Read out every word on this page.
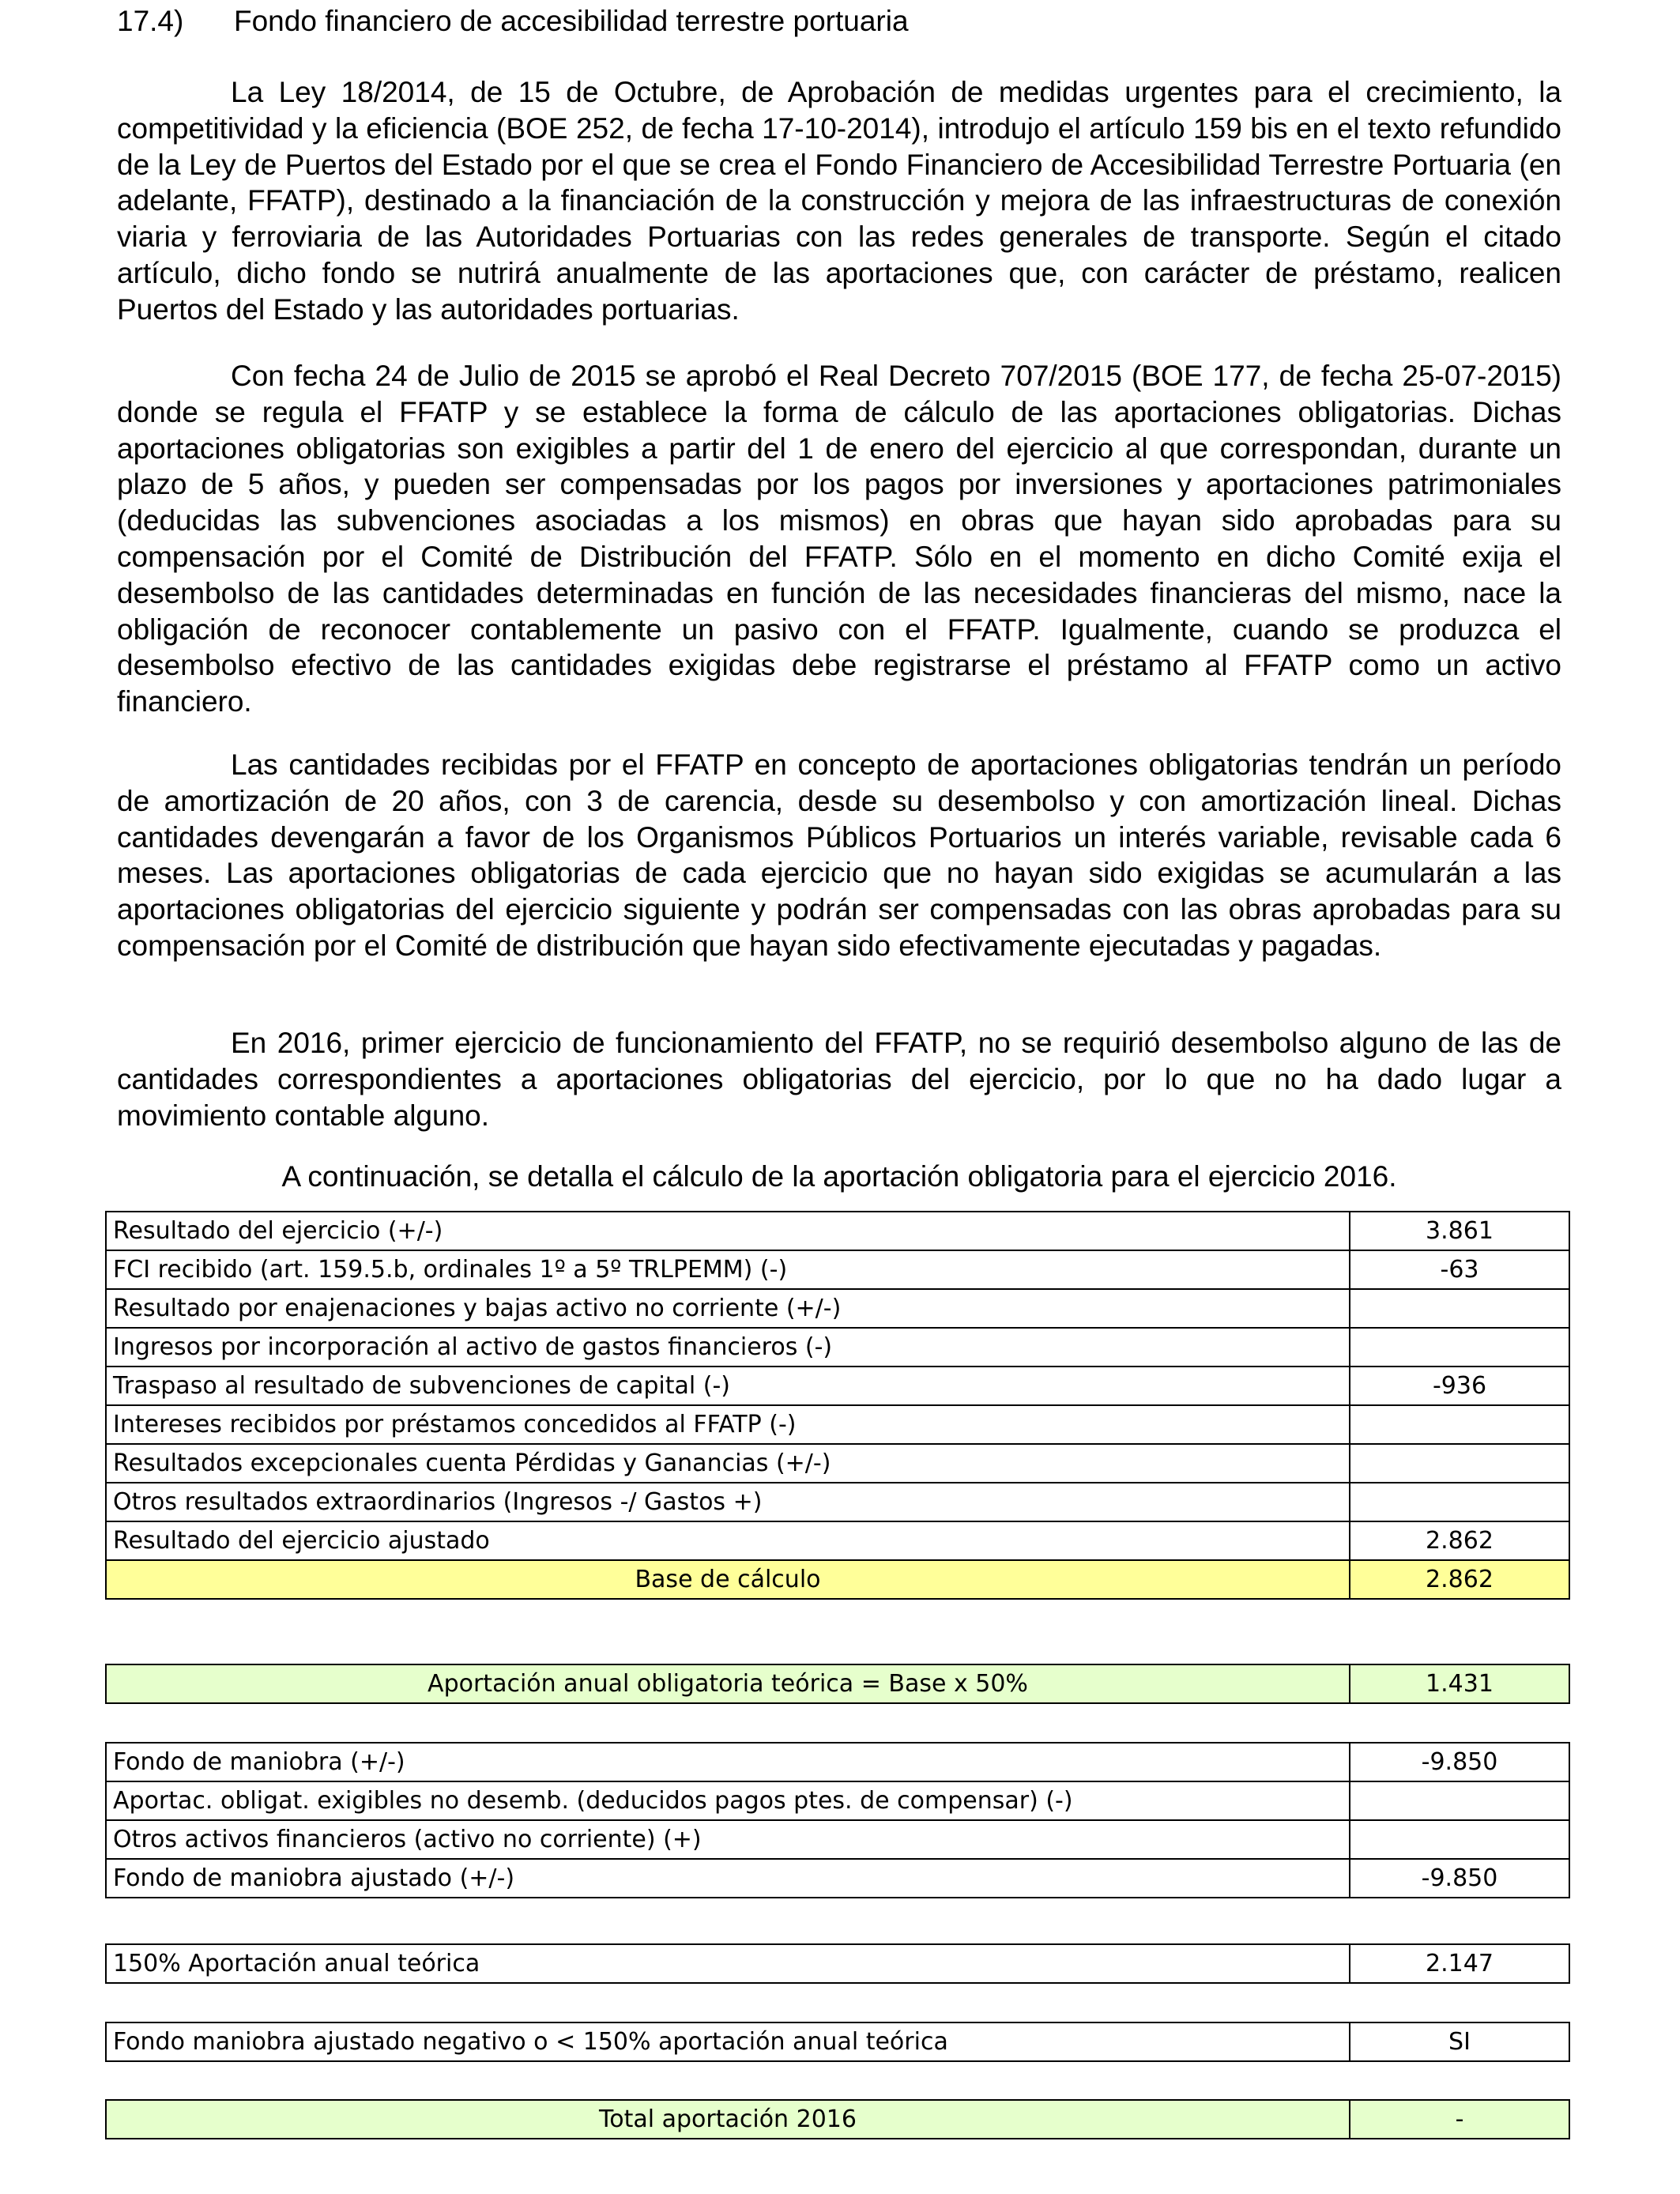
17.4) Fondo financiero de accesibilidad terrestre portuaria

La Ley 18/2014, de 15 de Octubre, de Aprobación de medidas urgentes para el crecimiento, la competitividad y la eficiencia (BOE 252, de fecha 17-10-2014), introdujo el artículo 159 bis en el texto refundido de la Ley de Puertos del Estado por el que se crea el Fondo Financiero de Accesibilidad Terrestre Portuaria (en adelante, FFATP), destinado a la financiación de la construcción y mejora de las infraestructuras de conexión viaria y ferroviaria de las Autoridades Portuarias con las redes generales de transporte. Según el citado artículo, dicho fondo se nutrirá anualmente de las aportaciones que, con carácter de préstamo, realicen Puertos del Estado y las autoridades portuarias.

Con fecha 24 de Julio de 2015 se aprobó el Real Decreto 707/2015 (BOE 177, de fecha 25-07-2015) donde se regula el FFATP y se establece la forma de cálculo de las aportaciones obligatorias. Dichas aportaciones obligatorias son exigibles a partir del 1 de enero del ejercicio al que correspondan, durante un plazo de 5 años, y pueden ser compensadas por los pagos por inversiones y aportaciones patrimoniales (deducidas las subvenciones asociadas a los mismos) en obras que hayan sido aprobadas para su compensación por el Comité de Distribución del FFATP. Sólo en el momento en dicho Comité exija el desembolso de las cantidades determinadas en función de las necesidades financieras del mismo, nace la obligación de reconocer contablemente un pasivo con el FFATP. Igualmente, cuando se produzca el desembolso efectivo de las cantidades exigidas debe registrarse el préstamo al FFATP como un activo financiero.

Las cantidades recibidas por el FFATP en concepto de aportaciones obligatorias tendrán un período de amortización de 20 años, con 3 de carencia, desde su desembolso y con amortización lineal. Dichas cantidades devengarán a favor de los Organismos Públicos Portuarios un interés variable, revisable cada 6 meses. Las aportaciones obligatorias de cada ejercicio que no hayan sido exigidas se acumularán a las aportaciones obligatorias del ejercicio siguiente y podrán ser compensadas con las obras aprobadas para su compensación por el Comité de distribución que hayan sido efectivamente ejecutadas y pagadas.

En 2016, primer ejercicio de funcionamiento del FFATP, no se requirió desembolso alguno de las de cantidades correspondientes a aportaciones obligatorias del ejercicio, por lo que no ha dado lugar a movimiento contable alguno.

A continuación, se detalla el cálculo de la aportación obligatoria para el ejercicio 2016.
Resultado del ejercicio (+/-)	3.861
FCI recibido (art. 159.5.b, ordinales 1º a 5º TRLPEMM) (-)	-63
Resultado por enajenaciones y bajas activo no corriente (+/-)	
Ingresos por incorporación al activo de gastos financieros (-)	
Traspaso al resultado de subvenciones de capital (-)	-936
Intereses recibidos por préstamos concedidos al FFATP (-)	
Resultados excepcionales cuenta Pérdidas y Ganancias (+/-)	
Otros resultados extraordinarios (Ingresos -/ Gastos +)	
Resultado del ejercicio ajustado	2.862
Base de cálculo	2.862
Aportación anual obligatoria teórica = Base x 50%	1.431
Fondo de maniobra (+/-)	-9.850
Aportac. obligat. exigibles no desemb. (deducidos pagos ptes. de compensar) (-)	
Otros activos financieros (activo no corriente) (+)	
Fondo de maniobra ajustado (+/-)	-9.850
150% Aportación anual teórica	2.147
Fondo maniobra ajustado negativo o < 150% aportación anual teórica	SI
Total aportación 2016	-
